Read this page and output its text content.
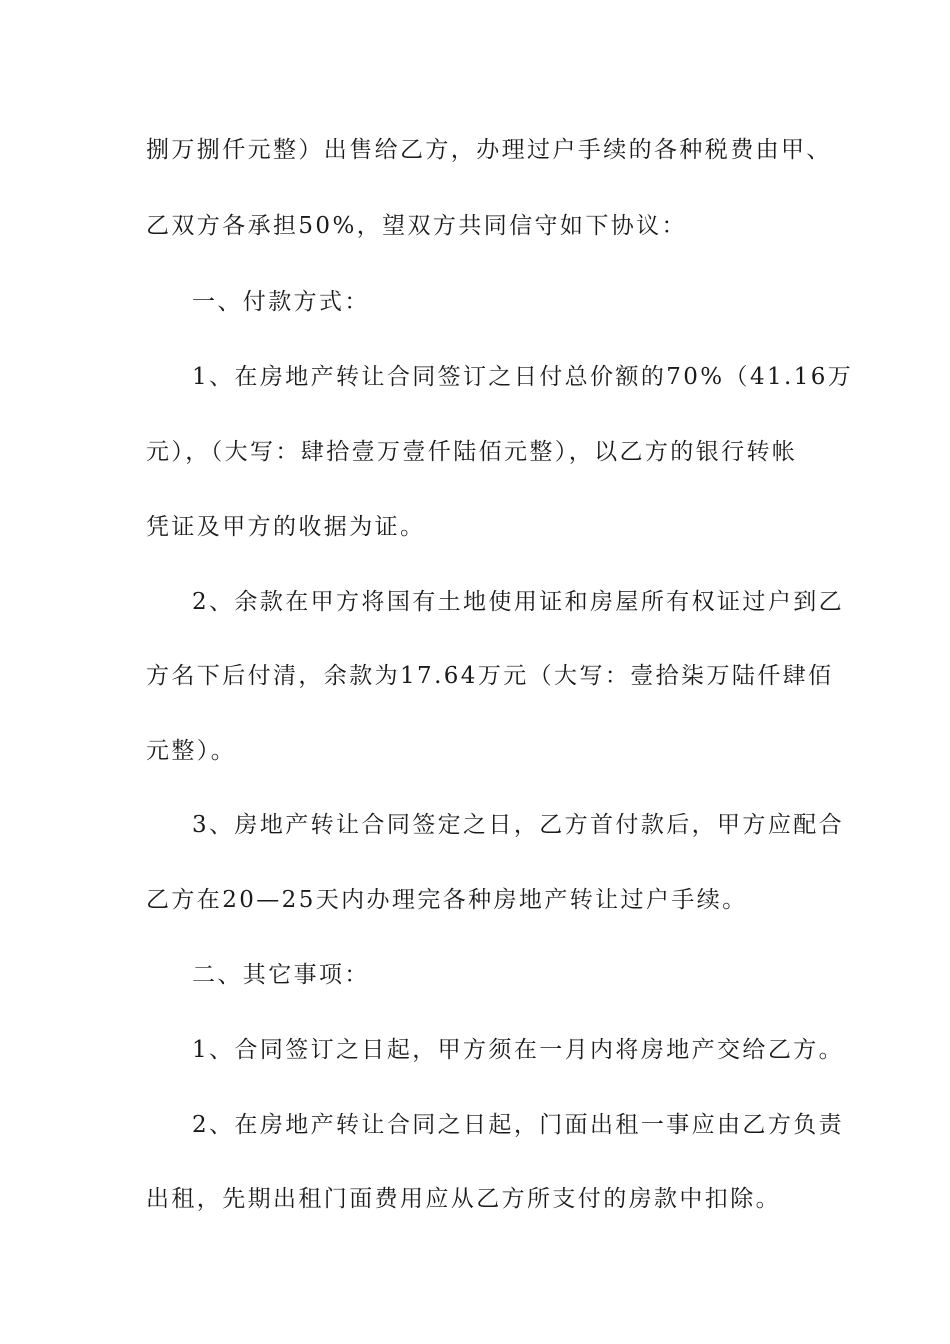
捌万捌仟元整）出售给乙方，办理过户手续的各种税费由甲、
乙双方各承担50%，望双方共同信守如下协议：
一、付款方式：
1、在房地产转让合同签订之日付总价额的70%（41.16万
元），（大写：肆拾壹万壹仟陆佰元整），以乙方的银行转帐
凭证及甲方的收据为证。
2、余款在甲方将国有土地使用证和房屋所有权证过户到乙
方名下后付清，余款为17.64万元（大写：壹拾柒万陆仟肆佰
元整）。
3、房地产转让合同签定之日，乙方首付款后，甲方应配合
乙方在20—25天内办理完各种房地产转让过户手续。
二、其它事项：
1、合同签订之日起，甲方须在一月内将房地产交给乙方。
2、在房地产转让合同之日起，门面出租一事应由乙方负责
出租，先期出租门面费用应从乙方所支付的房款中扣除。
